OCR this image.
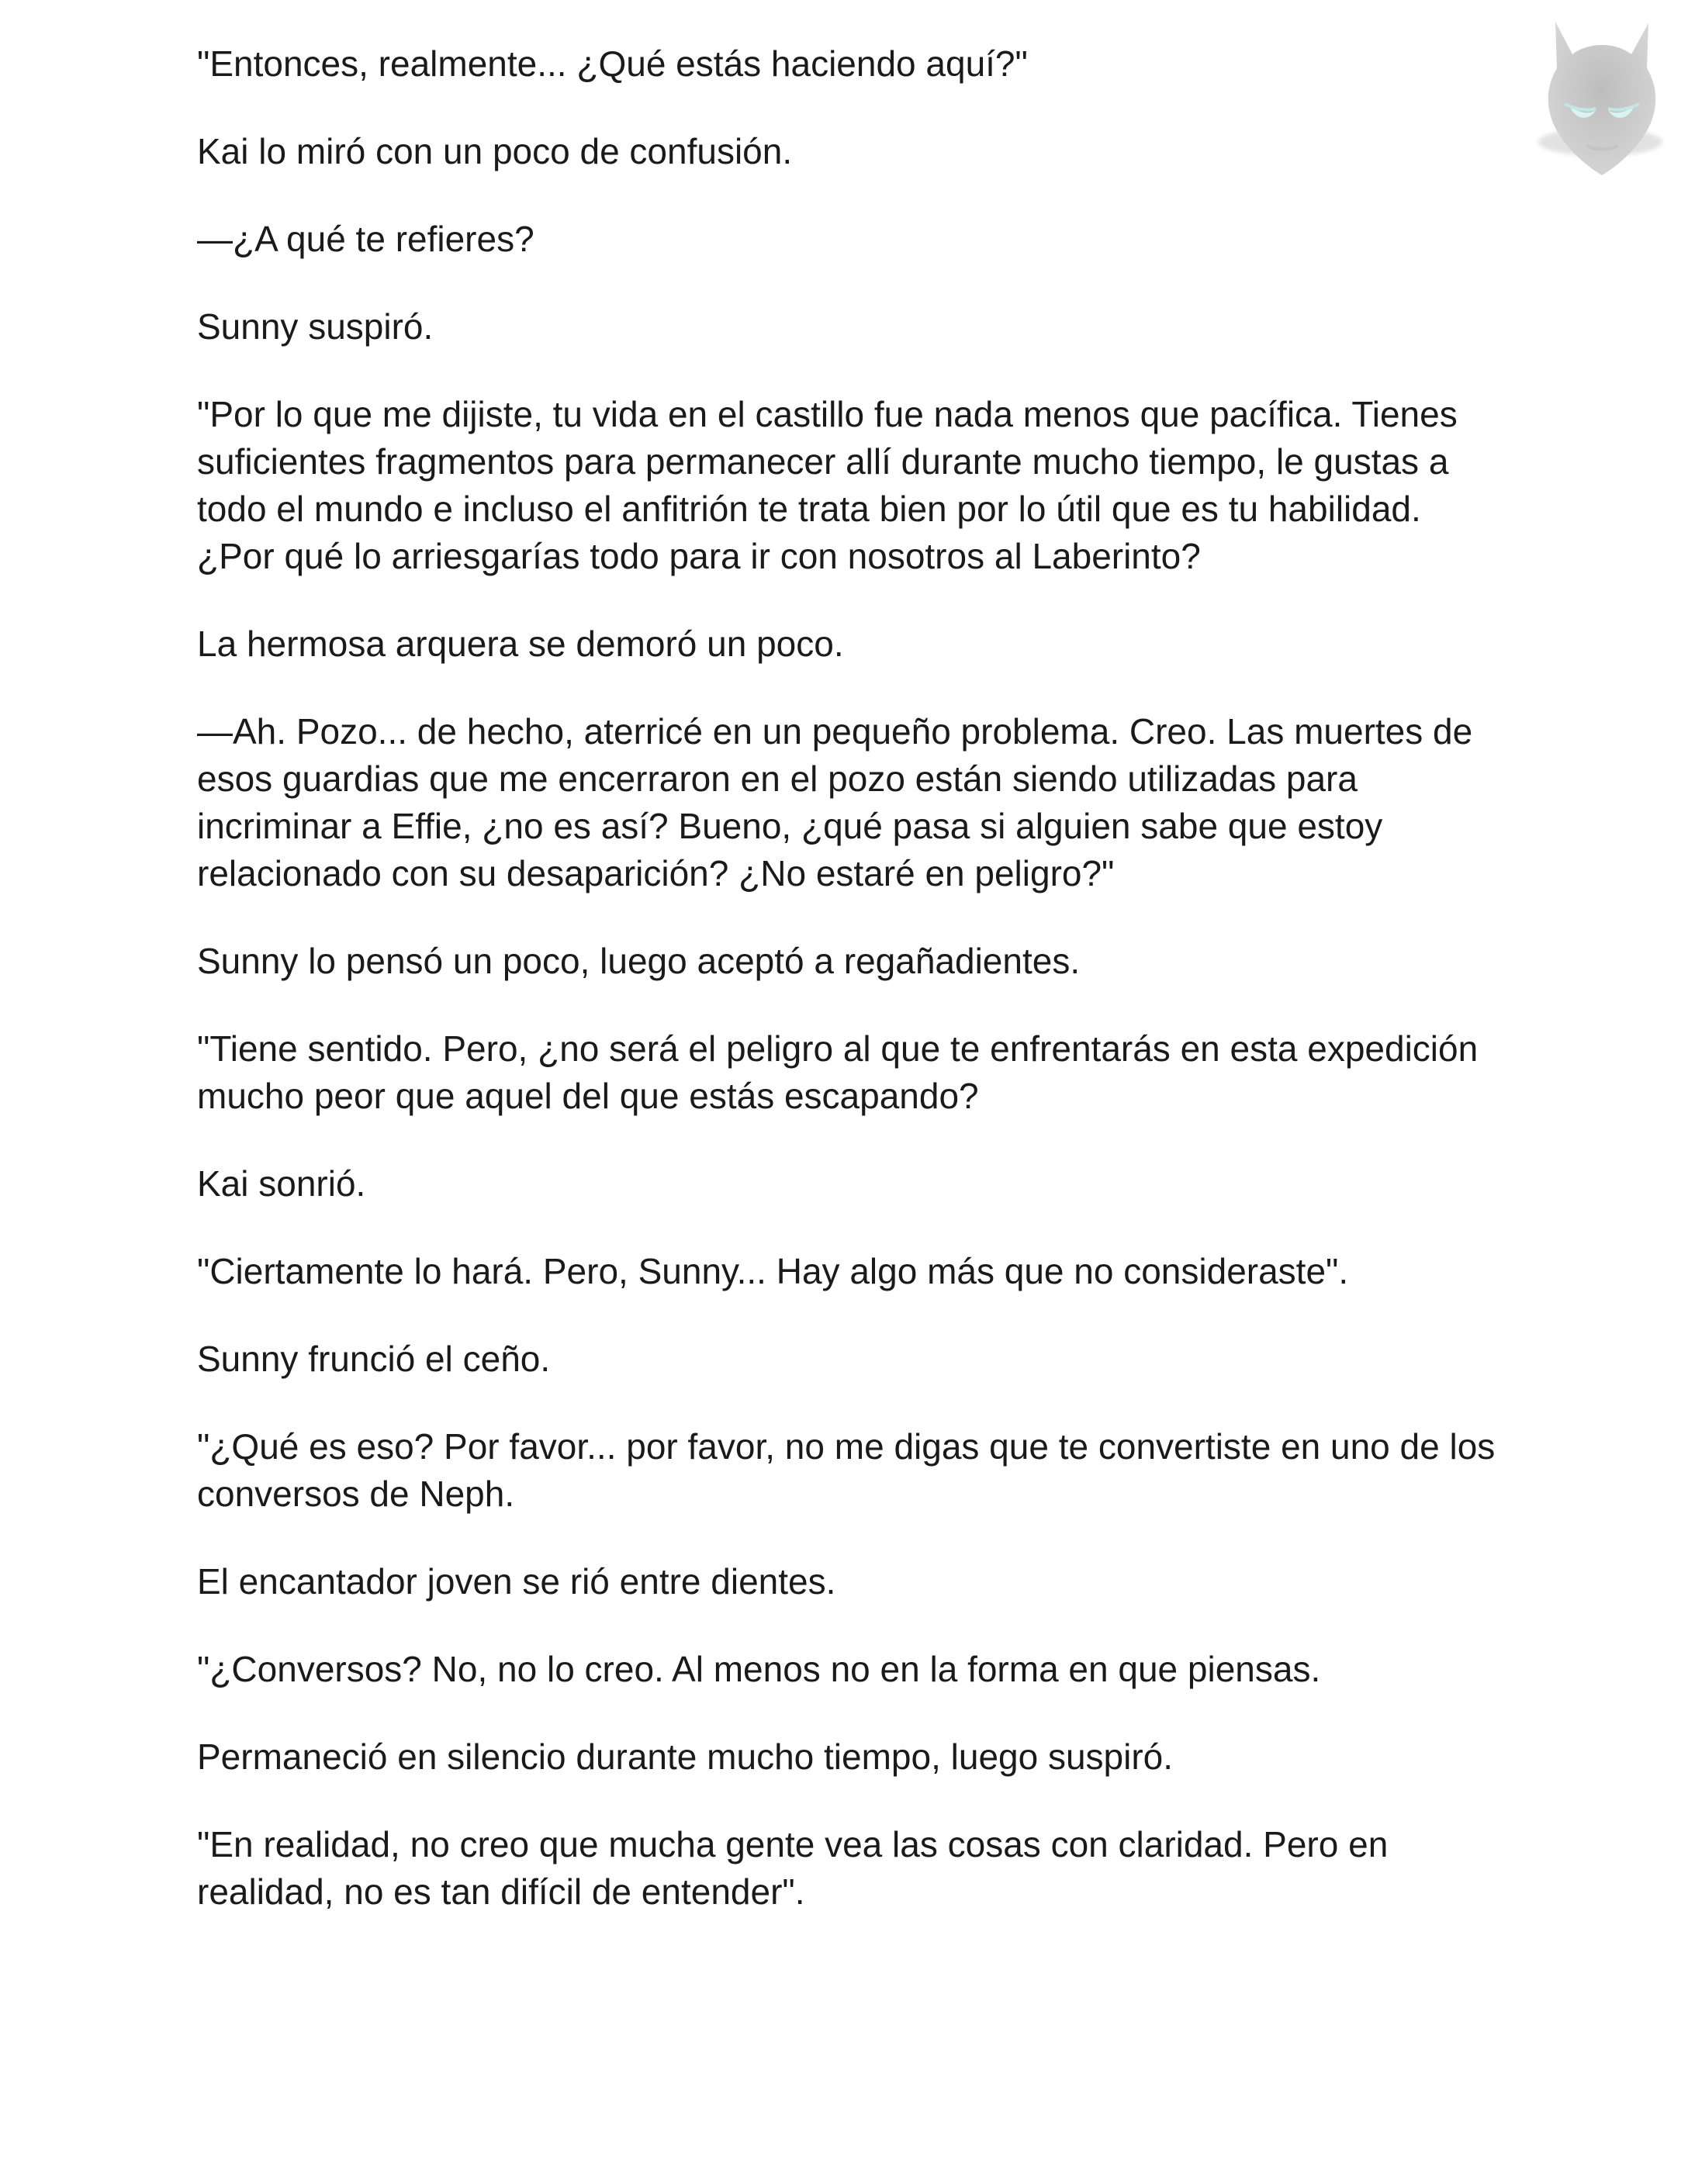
"Entonces, realmente... ¿Qué estás haciendo aquí?"

Kai lo miró con un poco de confusión.

—¿A qué te refieres?

Sunny suspiró.

"Por lo que me dijiste, tu vida en el castillo fue nada menos que pacífica. Tienes suficientes fragmentos para permanecer allí durante mucho tiempo, le gustas a todo el mundo e incluso el anfitrión te trata bien por lo útil que es tu habilidad. ¿Por qué lo arriesgarías todo para ir con nosotros al Laberinto?

La hermosa arquera se demoró un poco.

—Ah. Pozo... de hecho, aterricé en un pequeño problema. Creo. Las muertes de esos guardias que me encerraron en el pozo están siendo utilizadas para incriminar a Effie, ¿no es así? Bueno, ¿qué pasa si alguien sabe que estoy relacionado con su desaparición? ¿No estaré en peligro?"

Sunny lo pensó un poco, luego aceptó a regañadientes.

"Tiene sentido. Pero, ¿no será el peligro al que te enfrentarás en esta expedición mucho peor que aquel del que estás escapando?

Kai sonrió.

"Ciertamente lo hará. Pero, Sunny... Hay algo más que no consideraste".

Sunny frunció el ceño.

"¿Qué es eso? Por favor... por favor, no me digas que te convertiste en uno de los conversos de Neph.

El encantador joven se rió entre dientes.

"¿Conversos? No, no lo creo. Al menos no en la forma en que piensas.

Permaneció en silencio durante mucho tiempo, luego suspiró.

"En realidad, no creo que mucha gente vea las cosas con claridad. Pero en realidad, no es tan difícil de entender".
